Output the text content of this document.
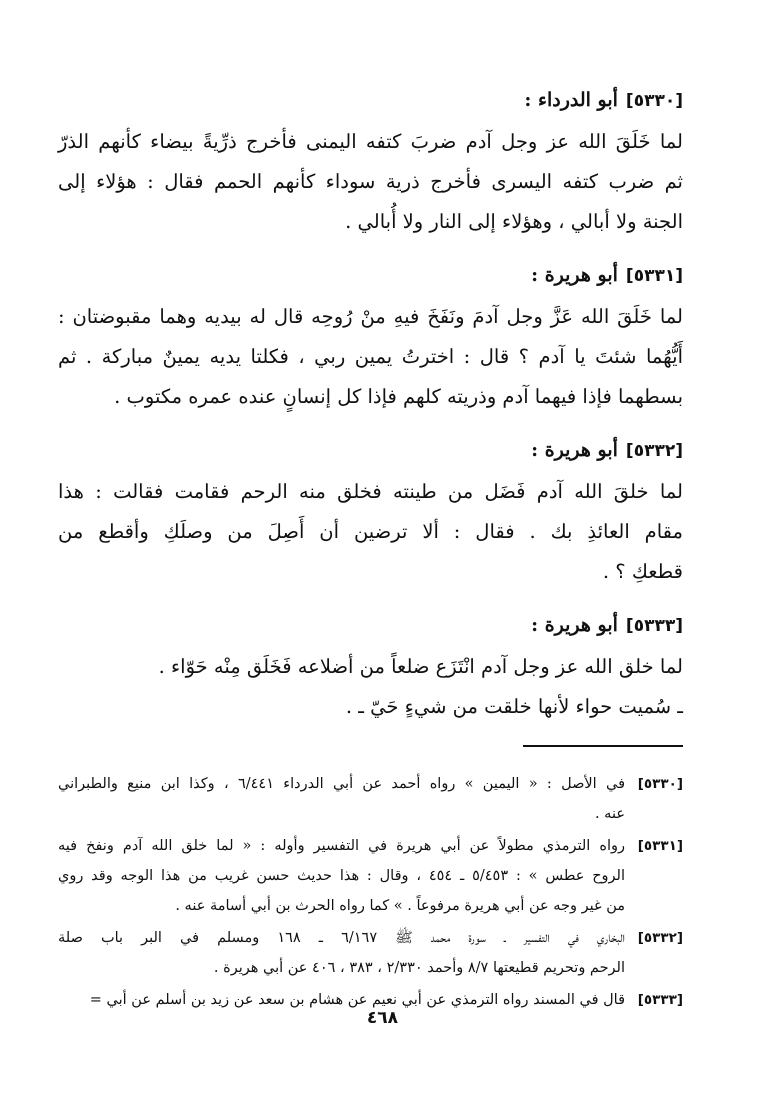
[٥٣٣٠]
أبو الدرداء :
لما خَلَقَ الله عز وجل آدم ضربَ كتفه اليمنى فأخرج ذرِّيةً بيضاء كأنهم الذرّ
ثم ضرب كتفه اليسرى فأخرج ذرية سوداء كأنهم الحمم فقال : هؤلاء إلى
الجنة ولا أبالي ، وهؤلاء إلى النار ولا أُبالي .
[٥٣٣١]
أبو هريرة :
لما خَلَقَ الله عَزَّ وجل آدمَ ونَفَخَ فيهِ منْ رُوحِه قال له بيديه وهما مقبوضتان :
أَيُّهُما شئتَ يا آدم ؟ قال : اخترتُ يمين ربي ، فكلتا يديه يمينٌ مباركة . ثم
بسطهما فإذا فيهما آدم وذريته كلهم فإذا كل إنسانٍ عنده عمره مكتوب .
[٥٣٣٢]
أبو هريرة :
لما خلقَ الله آدم فَضَل من طينته فخلق منه الرحم فقامت فقالت : هذا
مقام العائذِ بك . فقال : ألا ترضين أن أَصِلَ من وصلَكِ وأقطع من
قطعكِ ؟ .
[٥٣٣٣]
أبو هريرة :
لما خلق الله عز وجل آدم انْتَزَع ضلعاً من أضلاعه فَخَلَق مِنْه حَوّاء .
ـ سُميت حواء لأنها خلقت من شيءٍ حَيّ ـ .
[٥٣٣٠]
في الأصل : « اليمين » رواه أحمد عن أبي الدرداء ٦/٤٤١ ، وكذا ابن منيع والطبراني
عنه .
[٥٣٣١]
رواه الترمذي مطولاً عن أبي هريرة في التفسير وأوله : « لما خلق الله آدم ونفخ فيه
الروح عطس » : ٥/٤٥٣ ـ ٤٥٤ ، وقال : هذا حديث حسن غريب من هذا الوجه وقد روي
من غير وجه عن أبي هريرة مرفوعاً . » كما رواه الحرث بن أبي أسامة عنه .
[٥٣٣٢]
البخاري في التفسير ـ سورة محمد ﷺ ٦/١٦٧ ـ ١٦٨ ومسلم في البر باب صلة
الرحم وتحريم قطيعتها ٨/٧ وأحمد ٢/٣٣٠ ، ٣٨٣ ، ٤٠٦ عن أبي هريرة .
[٥٣٣٣]
قال في المسند رواه الترمذي عن أبي نعيم عن هشام بن سعد عن زيد بن أسلم عن أبي =
٤٦٨
